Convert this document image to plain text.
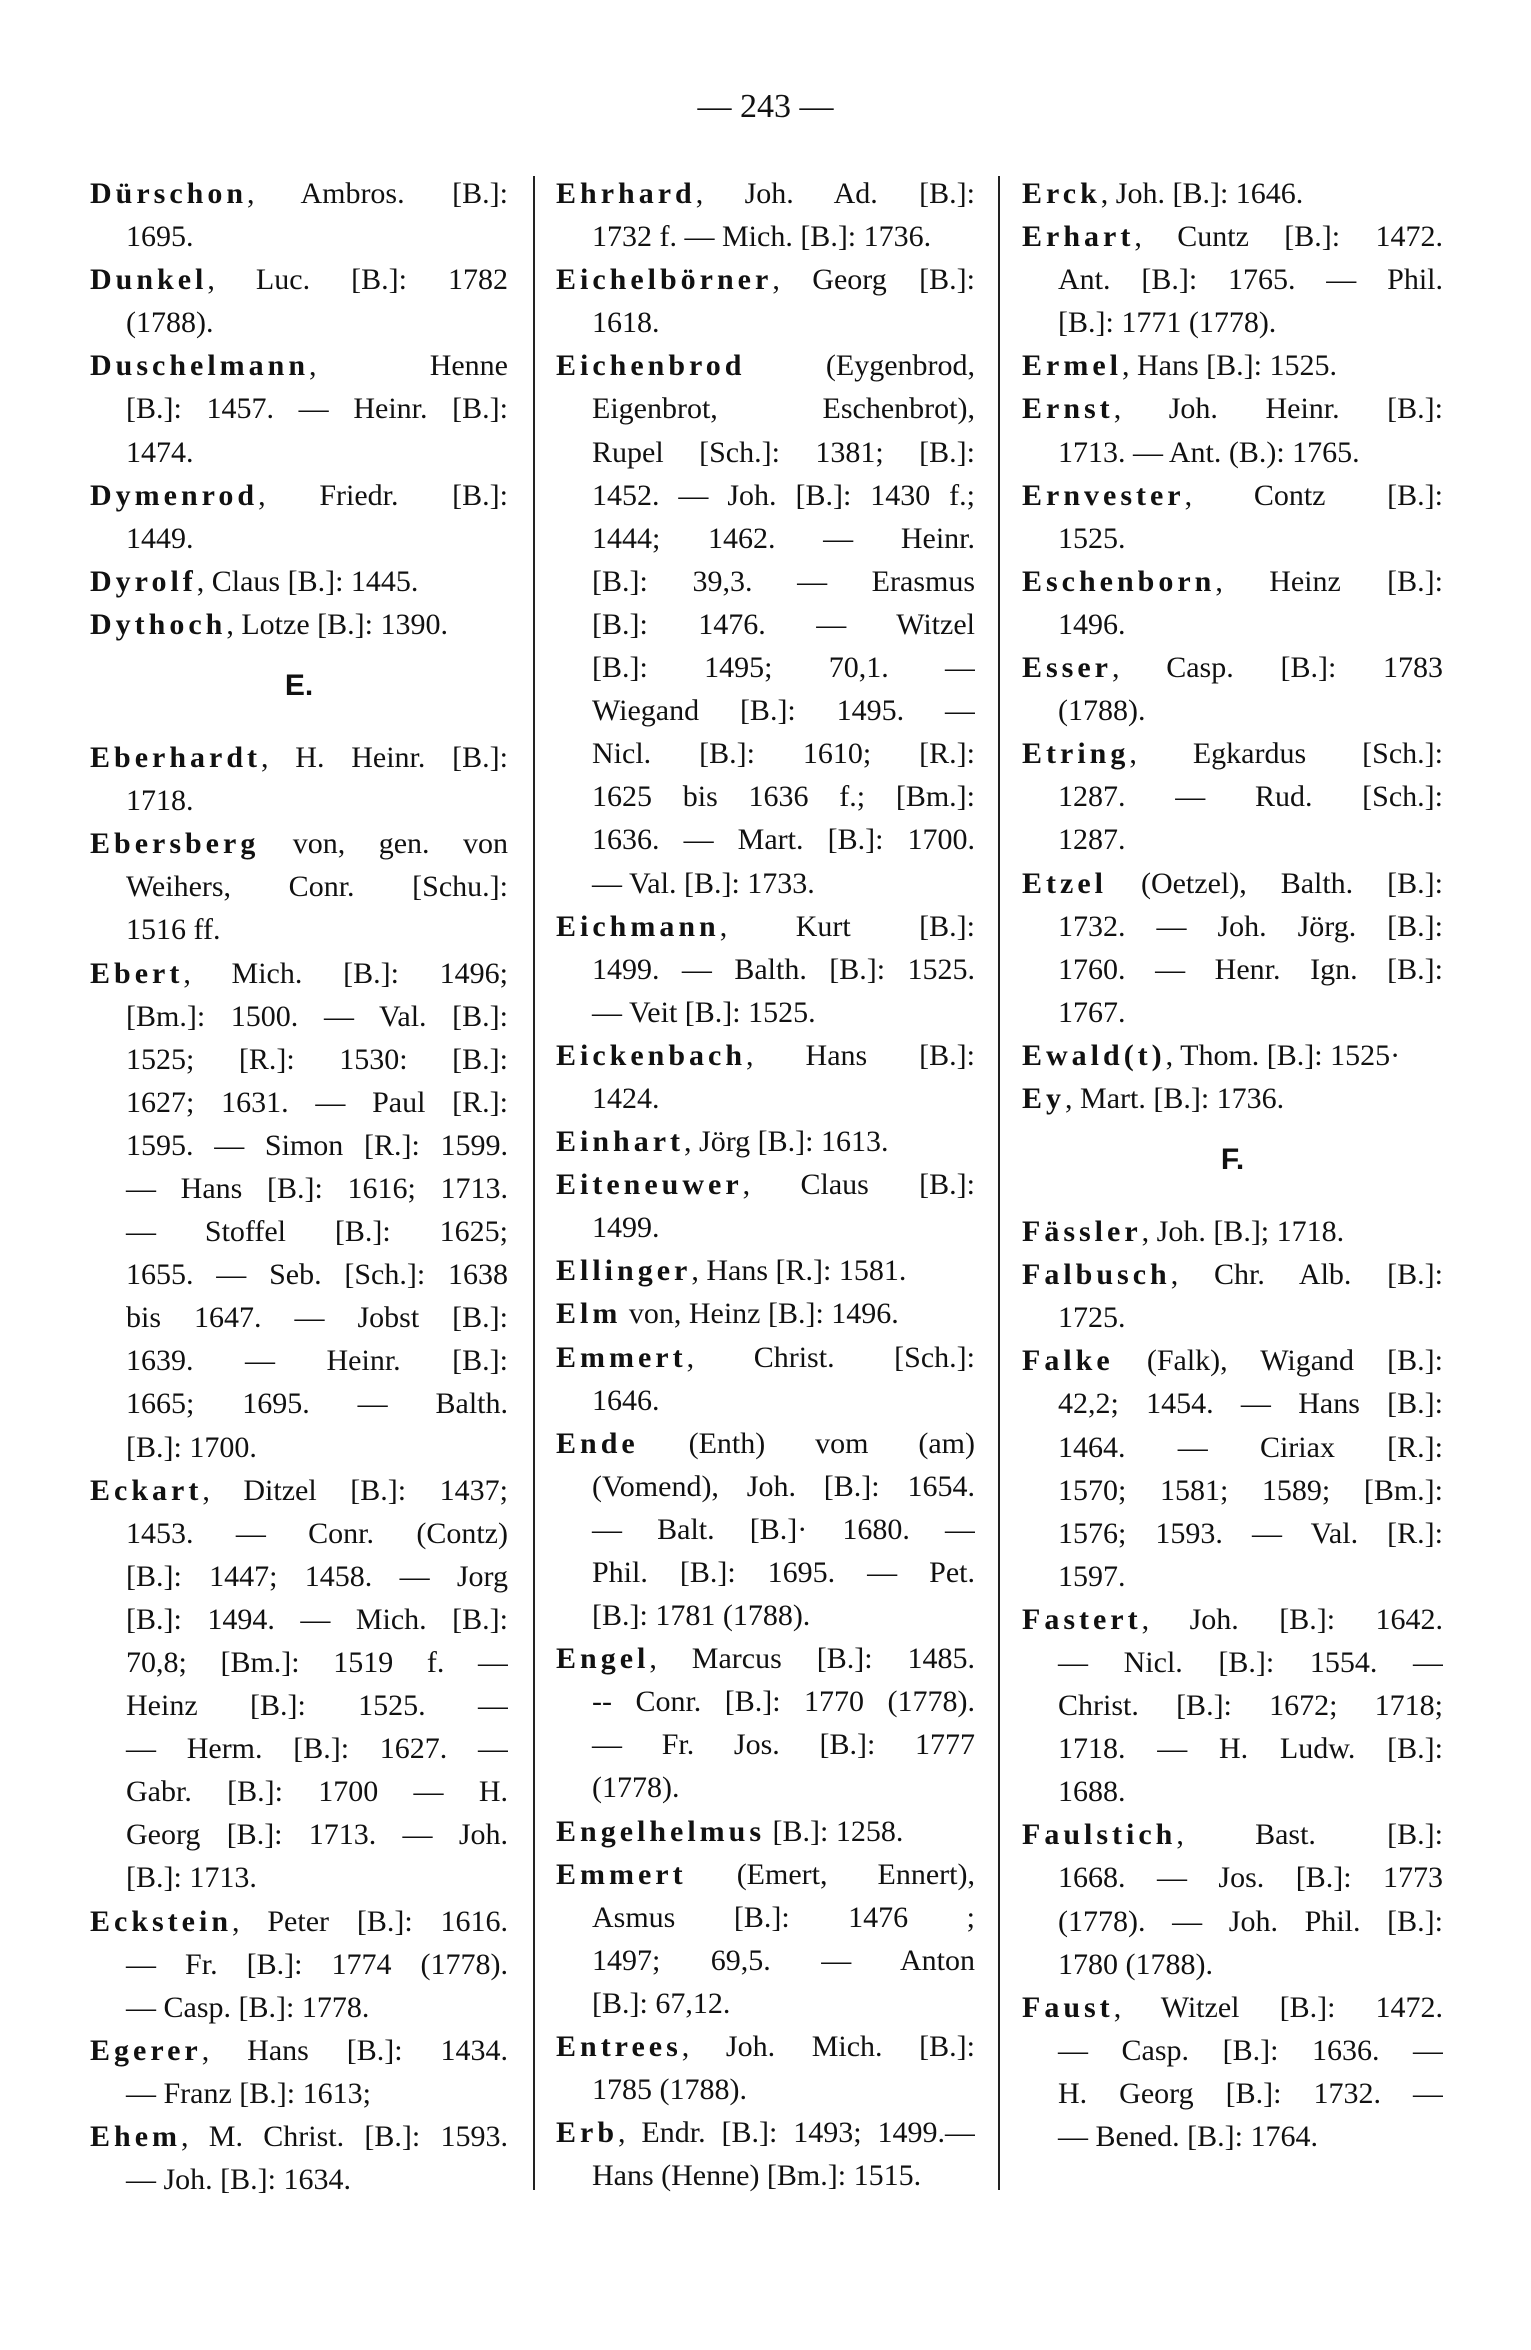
— 243 —
Dürschon, Ambros. [B.]:
1695.
Dunkel, Luc. [B.]: 1782
(1788).
Duschelmann, Henne
[B.]: 1457. — Heinr. [B.]:
1474.
Dymenrod, Friedr. [B.]:
1449.
Dyrolf, Claus [B.]: 1445.
Dythoch, Lotze [B.]: 1390.
E.
Eberhardt, H. Heinr. [B.]:
1718.
Ebersberg von, gen. von
Weihers, Conr. [Schu.]:
1516 ff.
Ebert, Mich. [B.]: 1496;
[Bm.]: 1500. — Val. [B.]:
1525; [R.]: 1530: [B.]:
1627; 1631. — Paul [R.]:
1595. — Simon [R.]: 1599.
— Hans [B.]: 1616; 1713.
— Stoffel [B.]: 1625;
1655. — Seb. [Sch.]: 1638
bis 1647. — Jobst [B.]:
1639. — Heinr. [B.]:
1665; 1695. — Balth.
[B.]: 1700.
Eckart, Ditzel [B.]: 1437;
1453. — Conr. (Contz)
[B.]: 1447; 1458. — Jorg
[B.]: 1494. — Mich. [B.]:
70,8; [Bm.]: 1519 f. —
Heinz [B.]: 1525. —
— Herm. [B.]: 1627. —
Gabr. [B.]: 1700 — H.
Georg [B.]: 1713. — Joh.
[B.]: 1713.
Eckstein, Peter [B.]: 1616.
— Fr. [B.]: 1774 (1778).
— Casp. [B.]: 1778.
Egerer, Hans [B.]: 1434.
— Franz [B.]: 1613;
Ehem, M. Christ. [B.]: 1593.
— Joh. [B.]: 1634.
Ehrhard, Joh. Ad. [B.]:
1732 f. — Mich. [B.]: 1736.
Eichelbörner, Georg [B.]:
1618.
Eichenbrod (Eygenbrod,
Eigenbrot, Eschenbrot),
Rupel [Sch.]: 1381; [B.]:
1452. — Joh. [B.]: 1430 f.;
1444; 1462. — Heinr.
[B.]: 39,3. — Erasmus
[B.]: 1476. — Witzel
[B.]: 1495; 70,1. —
Wiegand [B.]: 1495. —
Nicl. [B.]: 1610; [R.]:
1625 bis 1636 f.; [Bm.]:
1636. — Mart. [B.]: 1700.
— Val. [B.]: 1733.
Eichmann, Kurt [B.]:
1499. — Balth. [B.]: 1525.
— Veit [B.]: 1525.
Eickenbach, Hans [B.]:
1424.
Einhart, Jörg [B.]: 1613.
Eiteneuwer, Claus [B.]:
1499.
Ellinger, Hans [R.]: 1581.
Elm von, Heinz [B.]: 1496.
Emmert, Christ. [Sch.]:
1646.
Ende (Enth) vom (am)
(Vomend), Joh. [B.]: 1654.
— Balt. [B.]· 1680. —
Phil. [B.]: 1695. — Pet.
[B.]: 1781 (1788).
Engel, Marcus [B.]: 1485.
-- Conr. [B.]: 1770 (1778).
— Fr. Jos. [B.]: 1777
(1778).
Engelhelmus [B.]: 1258.
Emmert (Emert, Ennert),
Asmus [B.]: 1476 ;
1497; 69,5. — Anton
[B.]: 67,12.
Entrees, Joh. Mich. [B.]:
1785 (1788).
Erb, Endr. [B.]: 1493; 1499.—
Hans (Henne) [Bm.]: 1515.
Erck, Joh. [B.]: 1646.
Erhart, Cuntz [B.]: 1472.
Ant. [B.]: 1765. — Phil.
[B.]: 1771 (1778).
Ermel, Hans [B.]: 1525.
Ernst, Joh. Heinr. [B.]:
1713. — Ant. (B.): 1765.
Ernvester, Contz [B.]:
1525.
Eschenborn, Heinz [B.]:
1496.
Esser, Casp. [B.]: 1783
(1788).
Etring, Egkardus [Sch.]:
1287. — Rud. [Sch.]:
1287.
Etzel (Oetzel), Balth. [B.]:
1732. — Joh. Jörg. [B.]:
1760. — Henr. Ign. [B.]:
1767.
Ewald(t), Thom. [B.]: 1525·
Ey, Mart. [B.]: 1736.
F.
Fässler, Joh. [B.]; 1718.
Falbusch, Chr. Alb. [B.]:
1725.
Falke (Falk), Wigand [B.]:
42,2; 1454. — Hans [B.]:
1464. — Ciriax [R.]:
1570; 1581; 1589; [Bm.]:
1576; 1593. — Val. [R.]:
1597.
Fastert, Joh. [B.]: 1642.
— Nicl. [B.]: 1554. —
Christ. [B.]: 1672; 1718;
1718. — H. Ludw. [B.]:
1688.
Faulstich, Bast. [B.]:
1668. — Jos. [B.]: 1773
(1778). — Joh. Phil. [B.]:
1780 (1788).
Faust, Witzel [B.]: 1472.
— Casp. [B.]: 1636. —
H. Georg [B.]: 1732. —
— Bened. [B.]: 1764.
